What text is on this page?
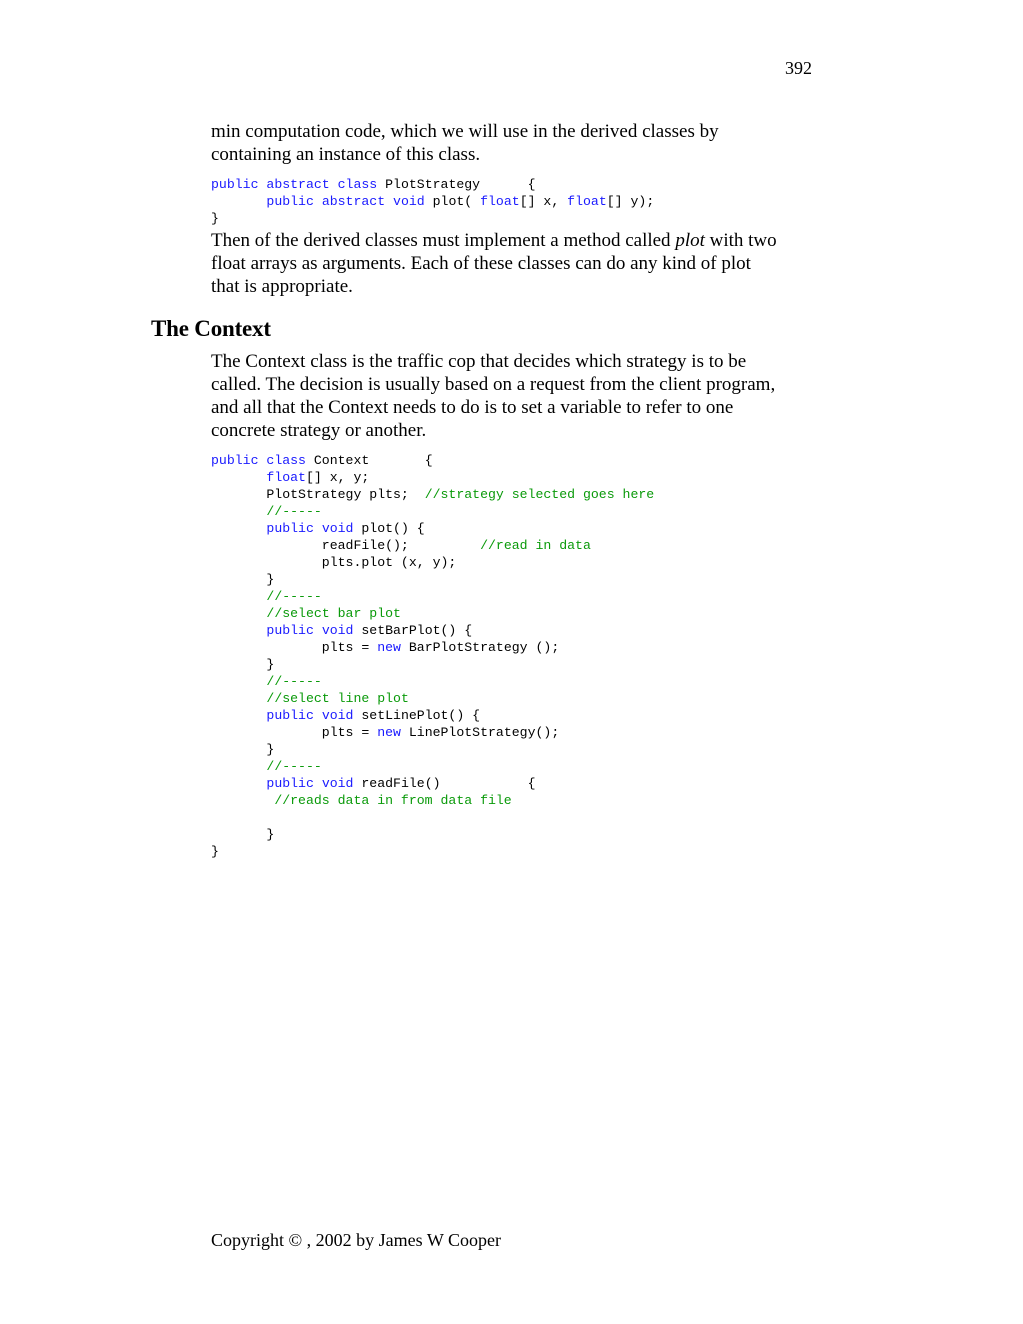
392

min computation code, which we will use in the derived classes by
containing an instance of this class.

public abstract class PlotStrategy      {
public abstract void plot( float[] x, float[] y);
}

Then of the derived classes must implement a method called plot with two
float arrays as arguments. Each of these classes can do any kind of plot
that is appropriate.

The Context

The Context class is the traffic cop that decides which strategy is to be
called. The decision is usually based on a request from the client program,
and all that the Context needs to do is to set a variable to refer to one
concrete strategy or another.

public class Context       {
float[] x, y;
PlotStrategy plts;  //strategy selected goes here
//-----
public void plot() {
readFile();         //read in data
plts.plot (x, y);
}
//-----
//select bar plot
public void setBarPlot() {
plts = new BarPlotStrategy ();
}
//-----
//select line plot
public void setLinePlot() {
plts = new LinePlotStrategy();
}
//-----
public void readFile()           {
//reads data in from data file
}
}
Copyright © , 2002 by James W Cooper
